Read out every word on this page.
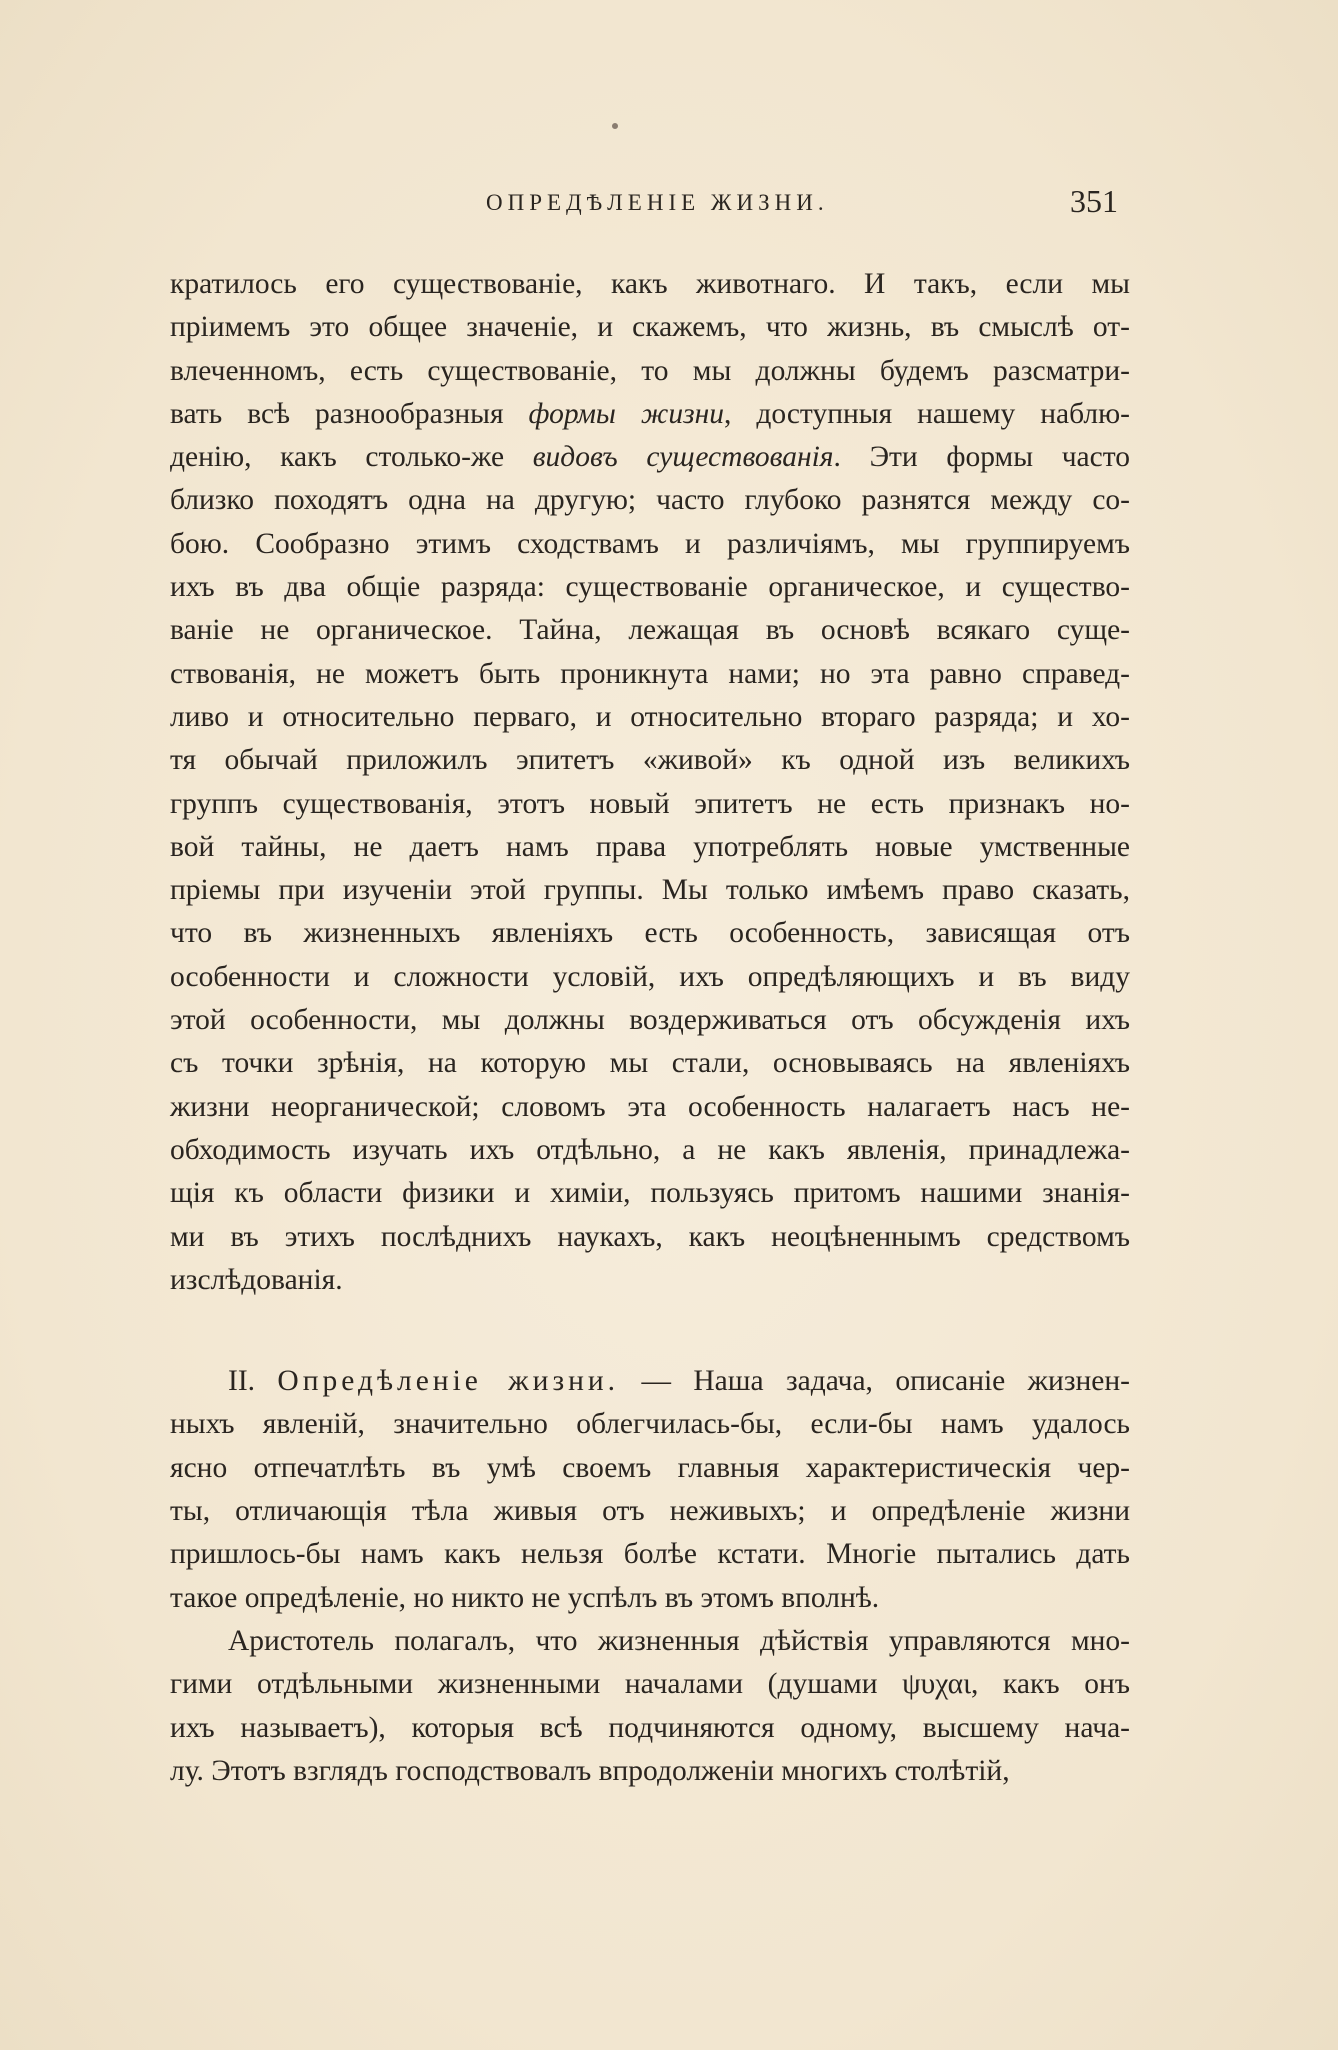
ОПРЕДѢЛЕНІЕ ЖИЗНИ.	351
кратилось его существованіе, какъ животнаго. И такъ, если мы
пріимемъ это общее значеніе, и скажемъ, что жизнь, въ смыслѣ от-
влеченномъ, есть существованіе, то мы должны будемъ разсматри-
вать всѣ разнообразныя формы жизни, доступныя нашему наблю-
денію, какъ столько-же видовъ существованія. Эти формы часто
близко походятъ одна на другую; часто глубоко разнятся между со-
бою. Сообразно этимъ сходствамъ и различіямъ, мы группируемъ
ихъ въ два общіе разряда: существованіе органическое, и существо-
ваніе не органическое. Тайна, лежащая въ основѣ всякаго суще-
ствованія, не можетъ быть проникнута нами; но эта равно справед-
ливо и относительно перваго, и относительно втораго разряда; и хо-
тя обычай приложилъ эпитетъ «живой» къ одной изъ великихъ
группъ существованія, этотъ новый эпитетъ не есть признакъ но-
вой тайны, не даетъ намъ права употреблять новые умственные
пріемы при изученіи этой группы. Мы только имѣемъ право сказать,
что въ жизненныхъ явленіяхъ есть особенность, зависящая отъ
особенности и сложности условій, ихъ опредѣляющихъ и въ виду
этой особенности, мы должны воздерживаться отъ обсужденія ихъ
съ точки зрѣнія, на которую мы стали, основываясь на явленіяхъ
жизни неорганической; словомъ эта особенность налагаетъ насъ не-
обходимость изучать ихъ отдѣльно, а не какъ явленія, принадлежа-
щія къ области физики и химіи, пользуясь притомъ нашими знанія-
ми въ этихъ послѣднихъ наукахъ, какъ неоцѣненнымъ средствомъ
изслѣдованія.
II. Опредѣленіе жизни. — Наша задача, описаніе жизнен-
ныхъ явленій, значительно облегчилась-бы, если-бы намъ удалось
ясно отпечатлѣть въ умѣ своемъ главныя характеристическія чер-
ты, отличающія тѣла живыя отъ неживыхъ; и опредѣленіе жизни
пришлось-бы намъ какъ нельзя болѣе кстати. Многіе пытались дать
такое опредѣленіе, но никто не успѣлъ въ этомъ вполнѣ.
Аристотель полагалъ, что жизненныя дѣйствія управляются мно-
гими отдѣльными жизненными началами (душами ψυχαι, какъ онъ
ихъ называетъ), которыя всѣ подчиняются одному, высшему нача-
лу. Этотъ взглядъ господствовалъ впродолженіи многихъ столѣтій,
